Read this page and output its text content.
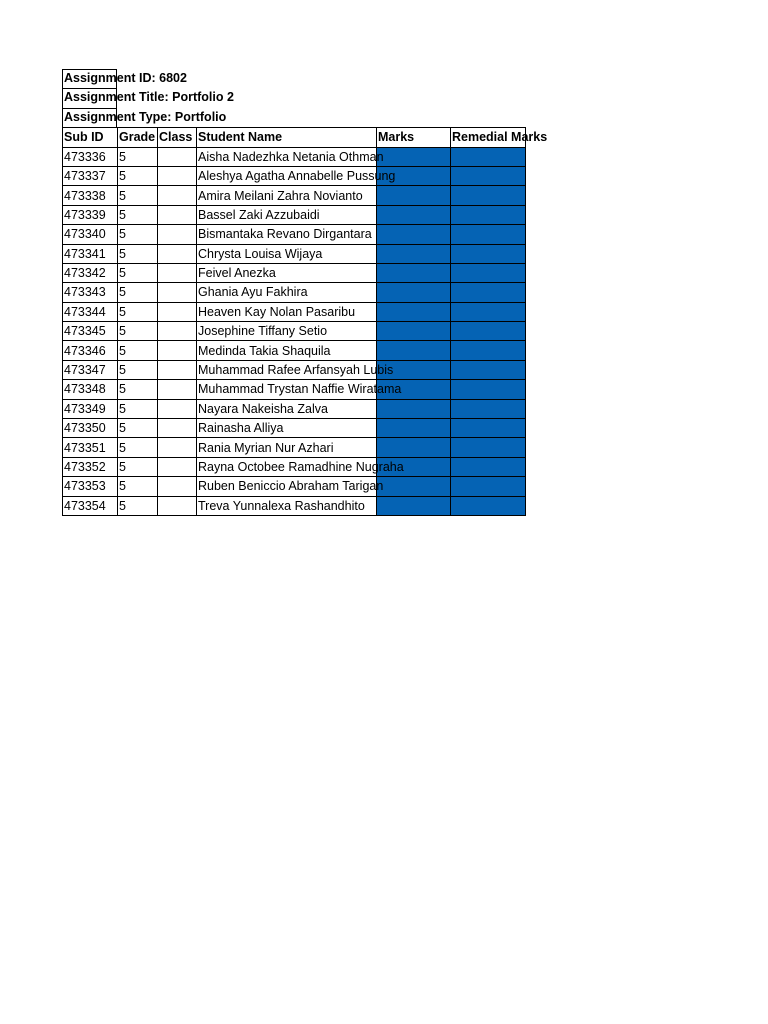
Assignment ID: 6802
Assignment Title: Portfolio 2
Assignment Type: Portfolio
Sub ID	Grade	Class	Student Name	Marks	Remedial Marks
473336	5		Aisha Nadezhka Netania Othman		
473337	5		Aleshya Agatha Annabelle Pussung		
473338	5		Amira Meilani Zahra Novianto		
473339	5		Bassel Zaki Azzubaidi		
473340	5		Bismantaka Revano Dirgantara		
473341	5		Chrysta Louisa Wijaya		
473342	5		Feivel Anezka		
473343	5		Ghania Ayu Fakhira		
473344	5		Heaven Kay Nolan Pasaribu		
473345	5		Josephine Tiffany Setio		
473346	5		Medinda Takia Shaquila		
473347	5		Muhammad Rafee Arfansyah Lubis		
473348	5		Muhammad Trystan Naffie Wiratama		
473349	5		Nayara Nakeisha Zalva		
473350	5		Rainasha Alliya		
473351	5		Rania Myrian Nur Azhari		
473352	5		Rayna Octobee Ramadhine Nugraha		
473353	5		Ruben Beniccio Abraham Tarigan		
473354	5		Treva Yunnalexa Rashandhito		
